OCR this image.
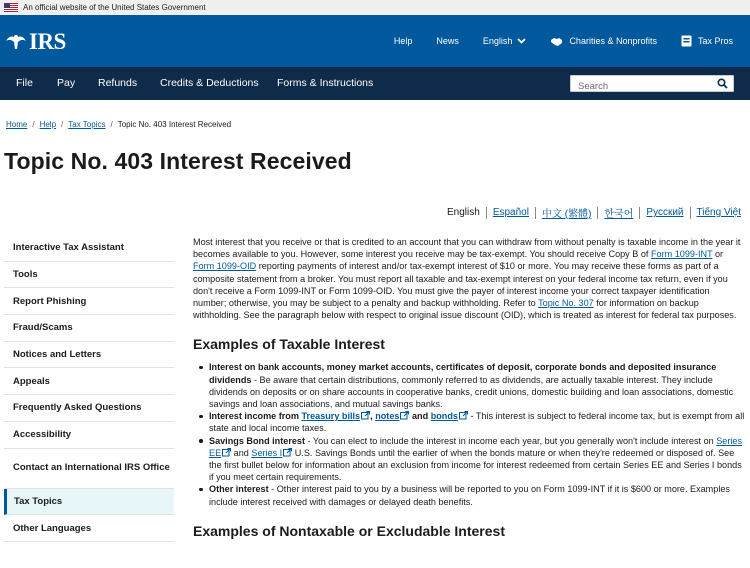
An official website of the United States Government
IRS	Help	News	English	Charities & Nonprofits	Tax Pros
File Pay Refunds Credits & Deductions Forms & Instructions
Search
Home / Help / Tax Topics / Topic No. 403 Interest Received
Topic No. 403 Interest Received
English Español 中文 (繁體) 한국어 Русский Tiếng Việt
Interactive Tax Assistant
Tools
Report Phishing
Fraud/Scams
Notices and Letters
Appeals
Frequently Asked Questions
Accessibility
Contact an International IRS Office
Tax Topics
Other Languages

Most interest that you receive or that is credited to an account that you can withdraw from without penalty is taxable income in the year it becomes available to you. However, some interest you receive may be tax-exempt. You should receive Copy B of Form 1099-INT or Form 1099-OID reporting payments of interest and/or tax-exempt interest of $10 or more. You may receive these forms as part of a composite statement from a broker. You must report all taxable and tax-exempt interest on your federal income tax return, even if you don't receive a Form 1099-INT or Form 1099-OID. You must give the payer of interest income your correct taxpayer identification number; otherwise, you may be subject to a penalty and backup withholding. Refer to Topic No. 307 for information on backup withholding. See the paragraph below with respect to original issue discount (OID), which is treated as interest for federal tax purposes.

Examples of Taxable Interest
Interest on bank accounts, money market accounts, certificates of deposit, corporate bonds and deposited insurance dividends - Be aware that certain distributions, commonly referred to as dividends, are actually taxable interest. They include dividends on deposits or on share accounts in cooperative banks, credit unions, domestic building and loan associations, domestic savings and loan associations, and mutual savings banks.
Interest income from Treasury bills , notes and bonds - This interest is subject to federal income tax, but is exempt from all state and local income taxes.
Savings Bond interest - You can elect to include the interest in income each year, but you generally won't include interest on Series EE and Series I U.S. Savings Bonds until the earlier of when the bonds mature or when they're redeemed or disposed of. See the first bullet below for information about an exclusion from income for interest redeemed from certain Series EE and Series I bonds if you meet certain requirements.
Other interest - Other interest paid to you by a business will be reported to you on Form 1099-INT if it is $600 or more. Examples include interest received with damages or delayed death benefits.
Examples of Nontaxable or Excludable Interest
